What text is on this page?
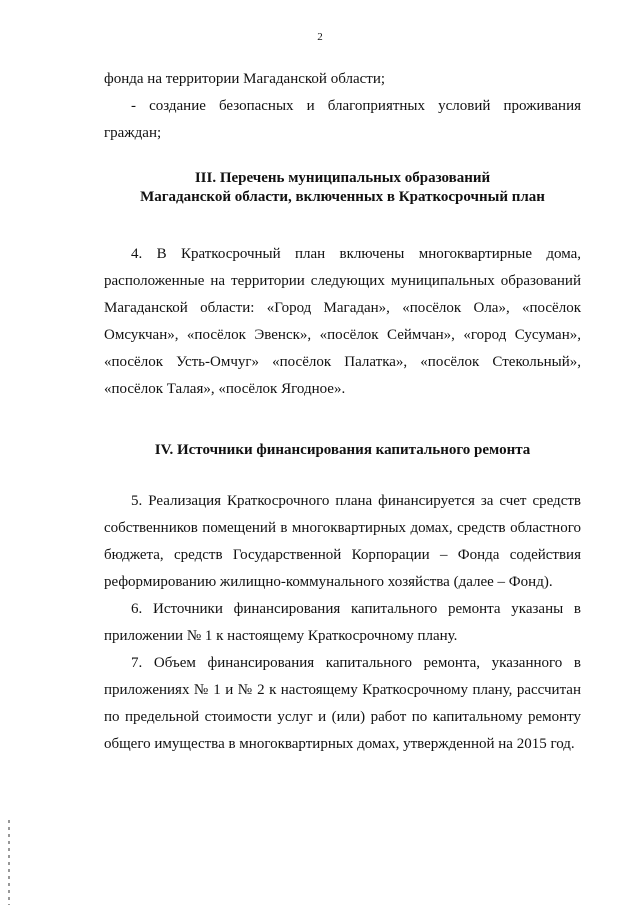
2

фонда на территории Магаданской области;

- создание безопасных и благоприятных условий проживания граждан;

III. Перечень муниципальных образований

Магаданской области, включенных в Краткосрочный план

4. В Краткосрочный план включены многоквартирные дома, расположенные на территории следующих муниципальных образований Магаданской области: «Город Магадан», «посёлок Ола», «посёлок Омсукчан», «посёлок Эвенск», «посёлок Сеймчан», «город Сусуман», «посёлок Усть-Омчуг» «посёлок Палатка», «посёлок Стекольный», «посёлок Талая», «посёлок Ягодное».

IV. Источники финансирования капитального ремонта

5. Реализация Краткосрочного плана финансируется за счет средств собственников помещений в многоквартирных домах, средств областного бюджета, средств Государственной Корпорации – Фонда содействия реформированию жилищно-коммунального хозяйства (далее – Фонд).

6. Источники финансирования капитального ремонта указаны в приложении № 1 к настоящему Краткосрочному плану.

7. Объем финансирования капитального ремонта, указанного в приложениях № 1 и № 2 к настоящему Краткосрочному плану, рассчитан по предельной стоимости услуг и (или) работ по капитальному ремонту общего имущества в многоквартирных домах, утвержденной на 2015 год.
